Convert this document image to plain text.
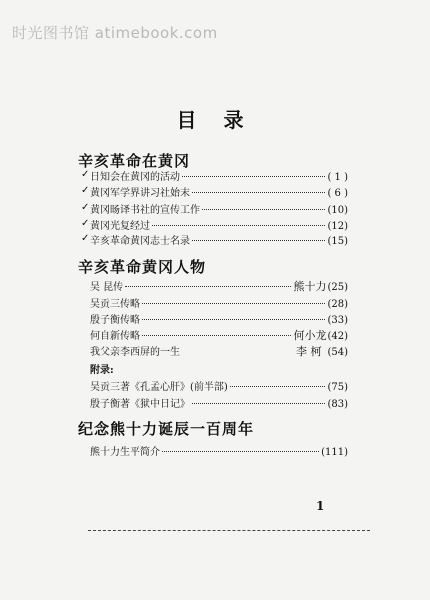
时光图书馆 atimebook.com
目 录
辛亥革命在黄冈
✓ 日知会在黄冈的活动	( 1 )
✓ 黄冈军学界讲习社始末	( 6 )
✓ 黄冈旸译书社的宣传工作	(10)
✓ 黄冈光复经过	(12)
✓ 辛亥革命黄冈志士名录	(15)
辛亥革命黄冈人物
吴 昆传	熊十力 (25)
吴贡三传略	(28)
殷子衡传略	(33)
何自新传略	何小龙 (42)
我父亲李西屏的一生	李 柯 (54)
附录:
吴贡三著《孔孟心肝》(前半部)	(75)
殷子衡著《狱中日记》	(83)
纪念熊十力诞辰一百周年
熊十力生平简介	(111)
1
